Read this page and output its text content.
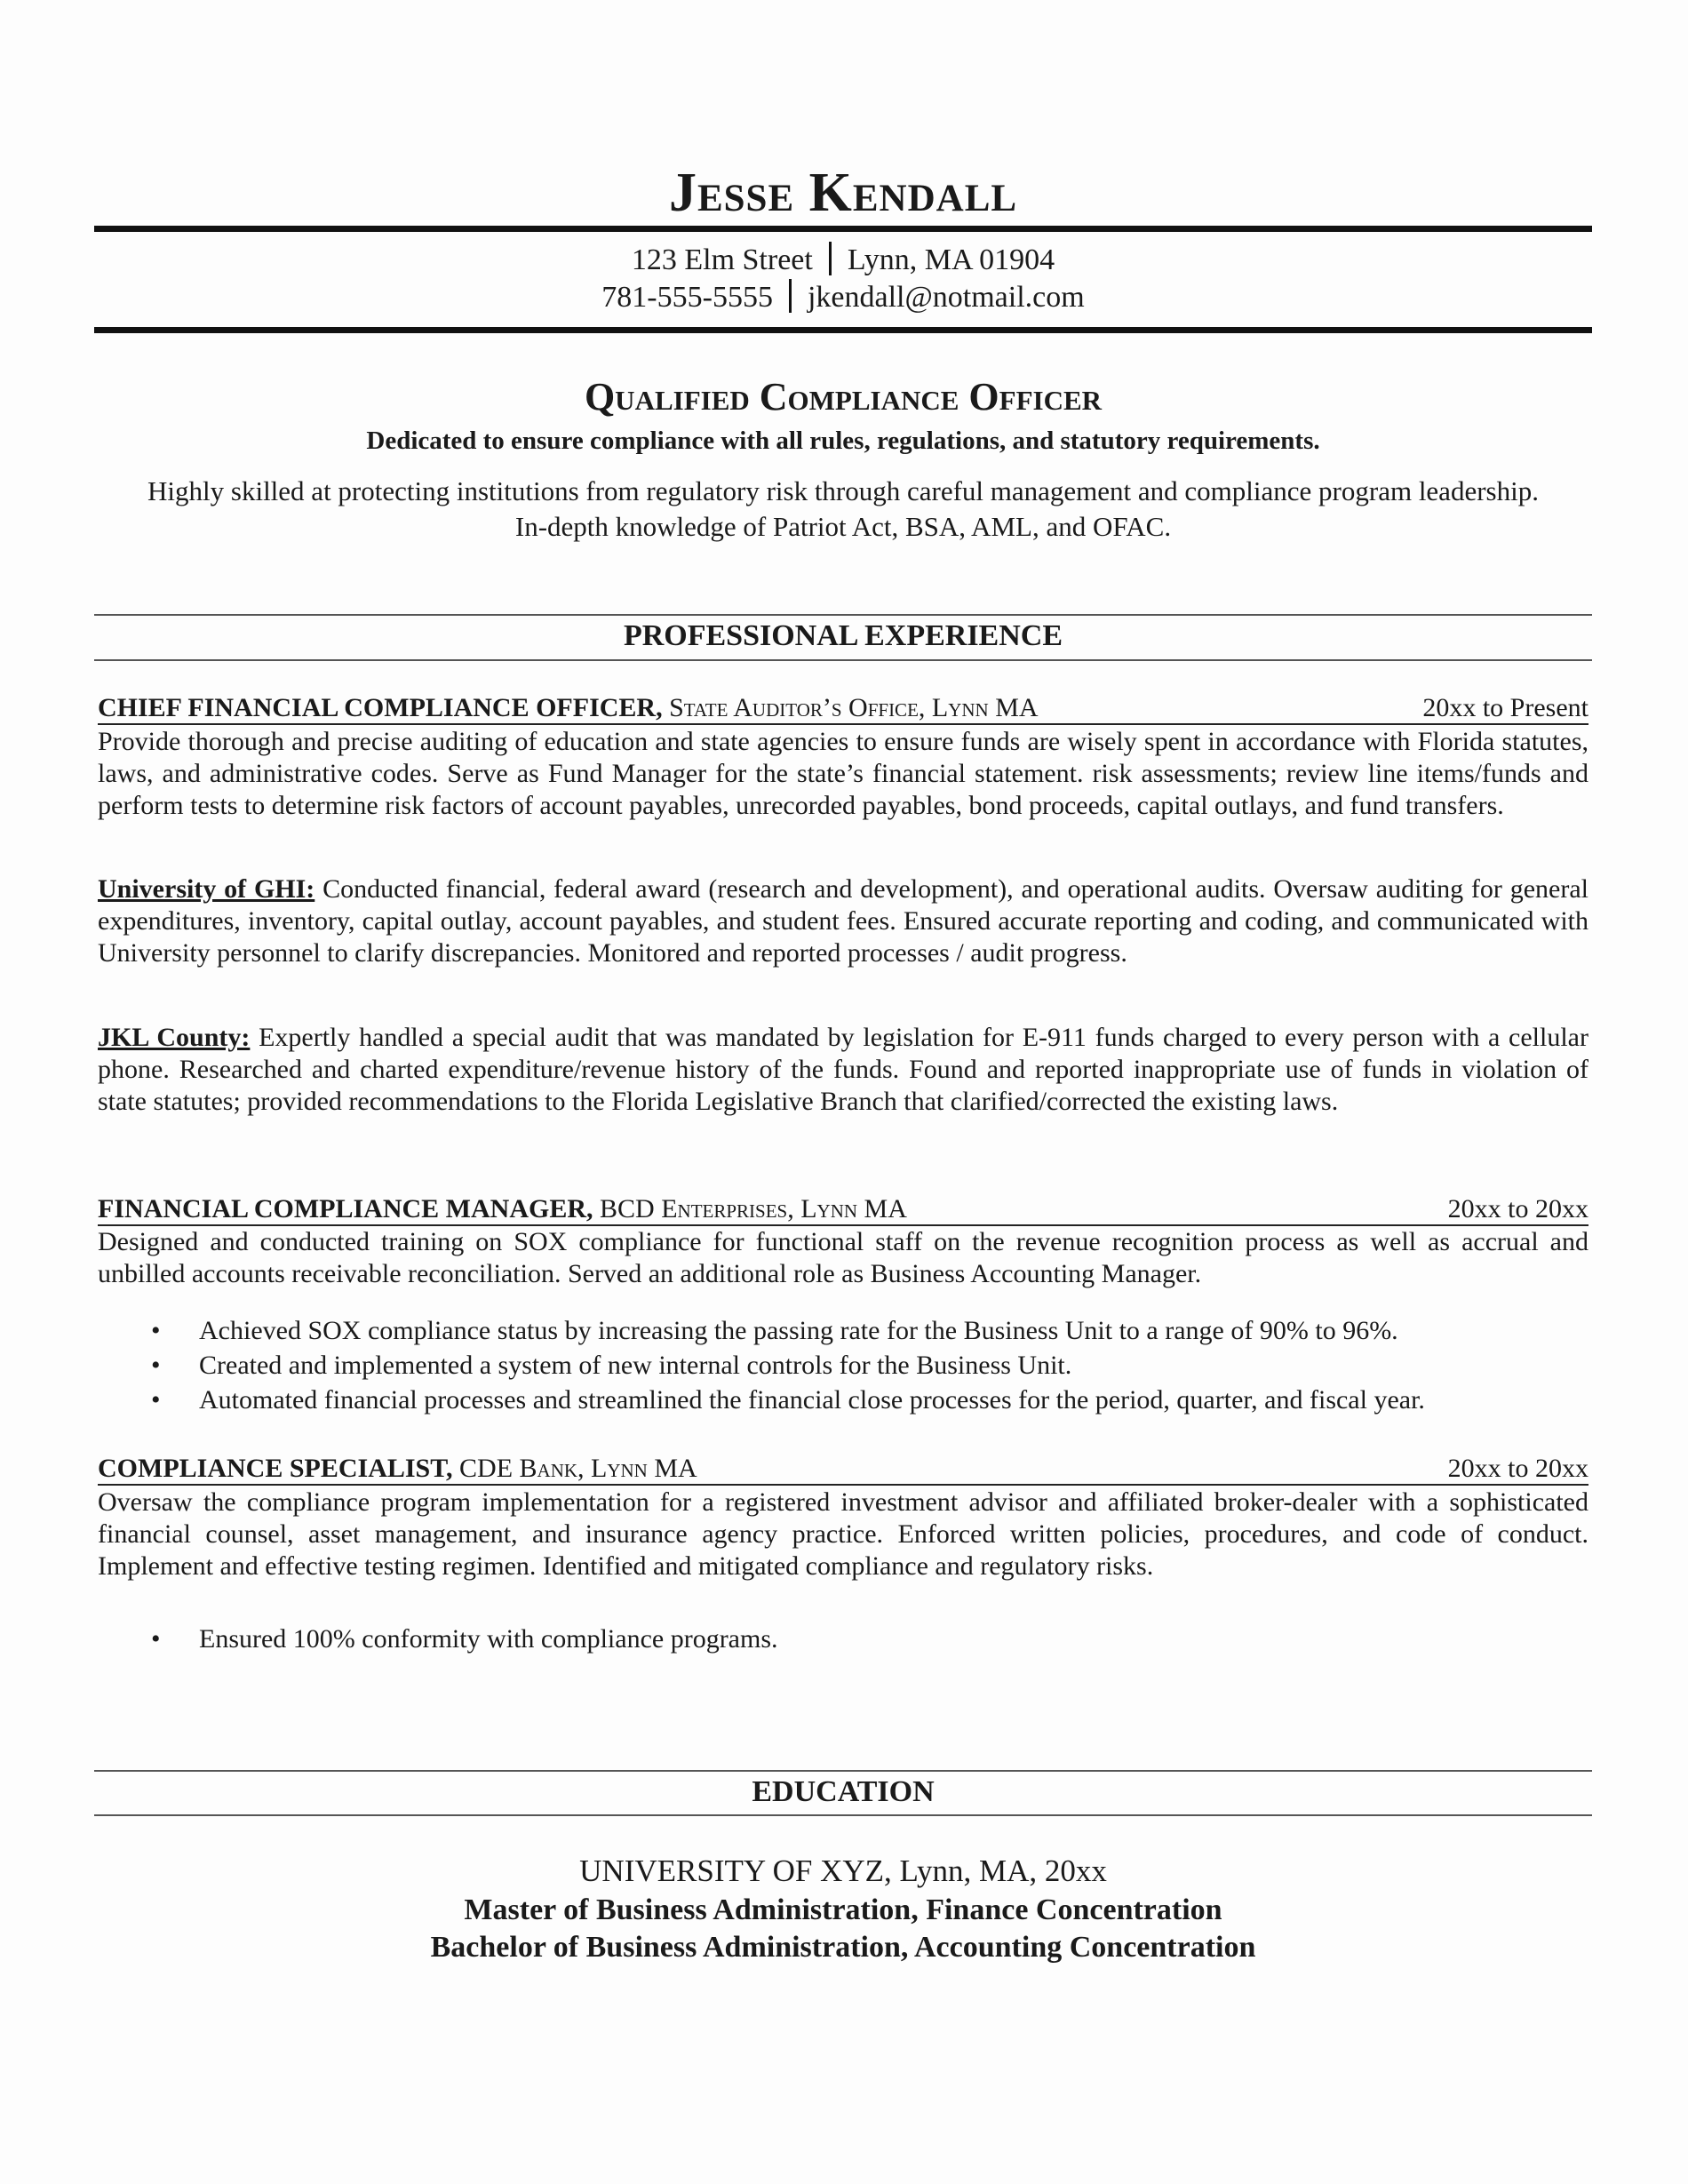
Jesse Kendall
123 Elm Street Lynn, MA 01904
781-555-5555 jkendall@notmail.com
Qualified Compliance Officer
Dedicated to ensure compliance with all rules, regulations, and statutory requirements.
Highly skilled at protecting institutions from regulatory risk through careful management and compliance program leadership. In-depth knowledge of Patriot Act, BSA, AML, and OFAC.
PROFESSIONAL EXPERIENCE
CHIEF FINANCIAL COMPLIANCE OFFICER, State Auditor’s Office, Lynn MA	20xx to Present
Provide thorough and precise auditing of education and state agencies to ensure funds are wisely spent in accordance with Florida statutes, laws, and administrative codes. Serve as Fund Manager for the state’s financial statement. risk assessments; review line items/funds and perform tests to determine risk factors of account payables, unrecorded payables, bond proceeds, capital outlays, and fund transfers.
University of GHI: Conducted financial, federal award (research and development), and operational audits. Oversaw auditing for general expenditures, inventory, capital outlay, account payables, and student fees. Ensured accurate reporting and coding, and communicated with University personnel to clarify discrepancies. Monitored and reported processes / audit progress.
JKL County: Expertly handled a special audit that was mandated by legislation for E-911 funds charged to every person with a cellular phone. Researched and charted expenditure/revenue history of the funds. Found and reported inappropriate use of funds in violation of state statutes; provided recommendations to the Florida Legislative Branch that clarified/corrected the existing laws.
FINANCIAL COMPLIANCE MANAGER, BCD Enterprises, Lynn MA	20xx to 20xx
Designed and conducted training on SOX compliance for functional staff on the revenue recognition process as well as accrual and unbilled accounts receivable reconciliation. Served an additional role as Business Accounting Manager.
• Achieved SOX compliance status by increasing the passing rate for the Business Unit to a range of 90% to 96%.
• Created and implemented a system of new internal controls for the Business Unit.
• Automated financial processes and streamlined the financial close processes for the period, quarter, and fiscal year.
COMPLIANCE SPECIALIST, CDE Bank, Lynn MA	20xx to 20xx
Oversaw the compliance program implementation for a registered investment advisor and affiliated broker-dealer with a sophisticated financial counsel, asset management, and insurance agency practice. Enforced written policies, procedures, and code of conduct. Implement and effective testing regimen. Identified and mitigated compliance and regulatory risks.
• Ensured 100% conformity with compliance programs.
EDUCATION
UNIVERSITY OF XYZ, Lynn, MA, 20xx
Master of Business Administration, Finance Concentration
Bachelor of Business Administration, Accounting Concentration
